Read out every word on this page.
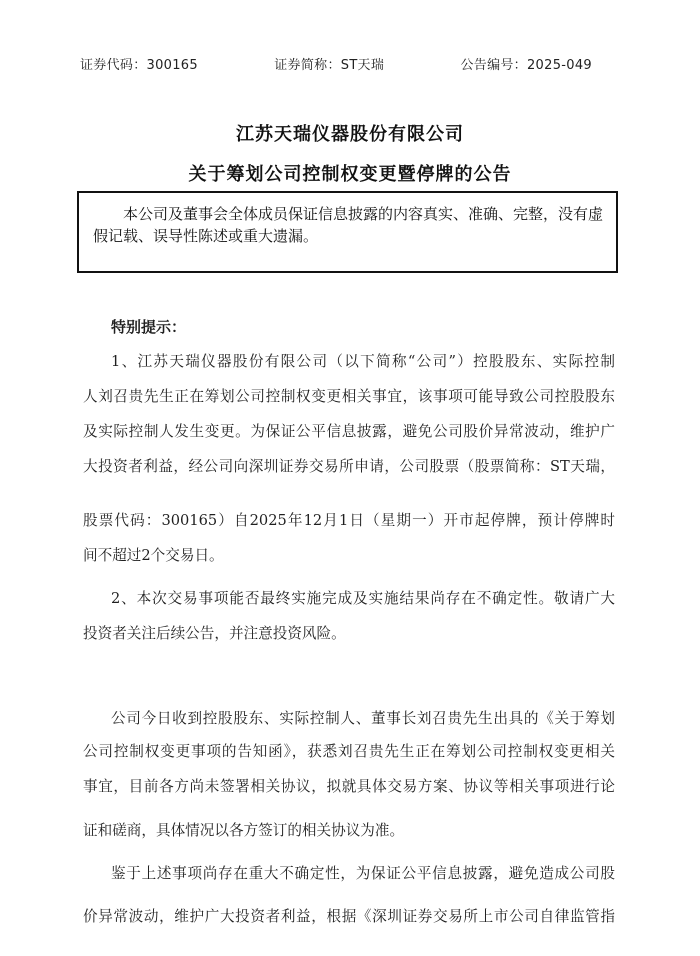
证券代码：300165	证券简称：ST天瑞	公告编号：2025-049
江苏天瑞仪器股份有限公司
关于筹划公司控制权变更暨停牌的公告
本公司及董事会全体成员保证信息披露的内容真实、准确、完整，没有虚
假记载、误导性陈述或重大遗漏。
特别提示：
1、江苏天瑞仪器股份有限公司（以下简称“公司”）控股股东、实际控制
人刘召贵先生正在筹划公司控制权变更相关事宜，该事项可能导致公司控股股东
及实际控制人发生变更。为保证公平信息披露，避免公司股价异常波动，维护广
大投资者利益，经公司向深圳证券交易所申请，公司股票（股票简称：ST天瑞，
股票代码：300165）自2025年12月1日（星期一）开市起停牌，预计停牌时
间不超过2个交易日。
2、本次交易事项能否最终实施完成及实施结果尚存在不确定性。敬请广大
投资者关注后续公告，并注意投资风险。
公司今日收到控股股东、实际控制人、董事长刘召贵先生出具的《关于筹划
公司控制权变更事项的告知函》，获悉刘召贵先生正在筹划公司控制权变更相关
事宜，目前各方尚未签署相关协议，拟就具体交易方案、协议等相关事项进行论
证和磋商，具体情况以各方签订的相关协议为准。
鉴于上述事项尚存在重大不确定性，为保证公平信息披露，避免造成公司股
价异常波动，维护广大投资者利益，根据《深圳证券交易所上市公司自律监管指
